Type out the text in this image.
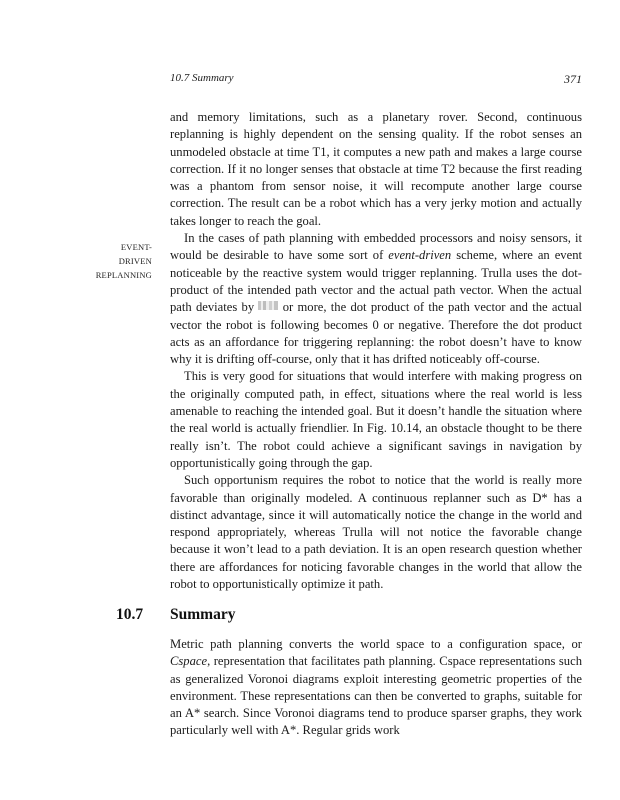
10.7 Summary	371
EVENT-DRIVEN
REPLANNING

and memory limitations, such as a planetary rover. Second, continuous replanning is highly dependent on the sensing quality. If the robot senses an unmodeled obstacle at time T1, it computes a new path and makes a large course correction. If it no longer senses that obstacle at time T2 because the first reading was a phantom from sensor noise, it will recompute another large course correction. The result can be a robot which has a very jerky motion and actually takes longer to reach the goal.

In the cases of path planning with embedded processors and noisy sensors, it would be desirable to have some sort of event-driven scheme, where an event noticeable by the reactive system would trigger replanning. Trulla uses the dot-product of the intended path vector and the actual path vector. When the actual path deviates by  or more, the dot product of the path vector and the actual vector the robot is following becomes 0 or negative. Therefore the dot product acts as an affordance for triggering replanning: the robot doesn’t have to know why it is drifting off-course, only that it has drifted noticeably off-course.

This is very good for situations that would interfere with making progress on the originally computed path, in effect, situations where the real world is less amenable to reaching the intended goal. But it doesn’t handle the situation where the real world is actually friendlier. In Fig. 10.14, an obstacle thought to be there really isn’t. The robot could achieve a significant savings in navigation by opportunistically going through the gap.

Such opportunism requires the robot to notice that the world is really more favorable than originally modeled. A continuous replanner such as D* has a distinct advantage, since it will automatically notice the change in the world and respond appropriately, whereas Trulla will not notice the favorable change because it won’t lead to a path deviation. It is an open research question whether there are affordances for noticing favorable changes in the world that allow the robot to opportunistically optimize it path.

10.7 Summary

Metric path planning converts the world space to a configuration space, or Cspace, representation that facilitates path planning. Cspace representations such as generalized Voronoi diagrams exploit interesting geometric properties of the environment. These representations can then be converted to graphs, suitable for an A* search. Since Voronoi diagrams tend to produce sparser graphs, they work particularly well with A*. Regular grids work
